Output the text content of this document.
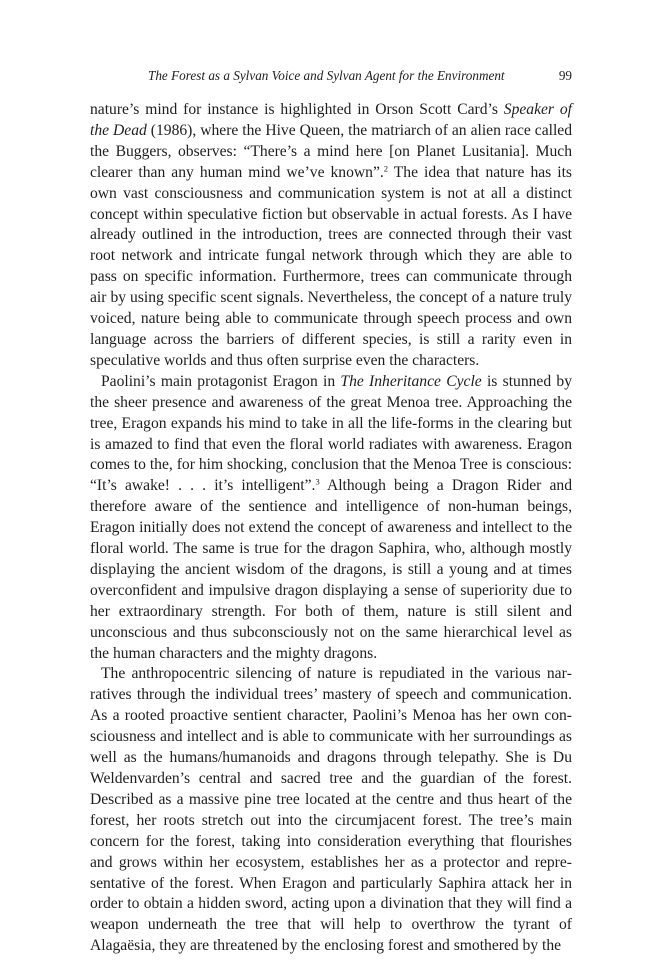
The Forest as a Sylvan Voice and Sylvan Agent for the Environment	99

nature’s mind for instance is highlighted in Orson Scott Card’s Speaker of the Dead (1986), where the Hive Queen, the matriarch of an alien race called the Buggers, observes: “There’s a mind here [on Planet Lusitania]. Much clearer than any human mind we’ve known”.$^2$ The idea that nature has its own vast consciousness and communication system is not at all a distinct concept within speculative fiction but observable in actual forests. As I have already outlined in the introduction, trees are connected through their vast root network and intricate fungal network through which they are able to pass on specific information. Furthermore, trees can communicate through air by using specific scent signals. Nevertheless, the concept of a nature truly voiced, nature being able to communicate through speech process and own language across the barriers of different species, is still a rarity even in speculative worlds and thus often surprise even the characters.

Paolini’s main protagonist Eragon in The Inheritance Cycle is stunned by the sheer presence and awareness of the great Menoa tree. Approaching the tree, Eragon expands his mind to take in all the life-forms in the clearing but is amazed to find that even the floral world radiates with awareness. Eragon comes to the, for him shocking, conclusion that the Menoa Tree is conscious: “It’s awake! . . . it’s intelligent”.$^3$ Although being a Dragon Rider and therefore aware of the sentience and intelligence of non-human beings, Eragon initially does not extend the concept of awareness and intellect to the floral world. The same is true for the dragon Saphira, who, although mostly displaying the ancient wisdom of the dragons, is still a young and at times overconfident and impulsive dragon displaying a sense of superiority due to her extraordinary strength. For both of them, nature is still silent and unconscious and thus subconsciously not on the same hierarchical level as the human characters and the mighty dragons.

The anthropocentric silencing of nature is repudiated in the various narratives through the individual trees’ mastery of speech and communication. As a rooted proactive sentient character, Paolini’s Menoa has her own consciousness and intellect and is able to communicate with her surroundings as well as the humans/humanoids and dragons through telepathy. She is Du Weldenvarden’s central and sacred tree and the guardian of the forest. Described as a massive pine tree located at the centre and thus heart of the forest, her roots stretch out into the circumjacent forest. The tree’s main concern for the forest, taking into consideration everything that flourishes and grows within her ecosystem, establishes her as a protector and representative of the forest. When Eragon and particularly Saphira attack her in order to obtain a hidden sword, acting upon a divination that they will find a weapon underneath the tree that will help to overthrow the tyrant of Alagaësia, they are threatened by the enclosing forest and smothered by the
